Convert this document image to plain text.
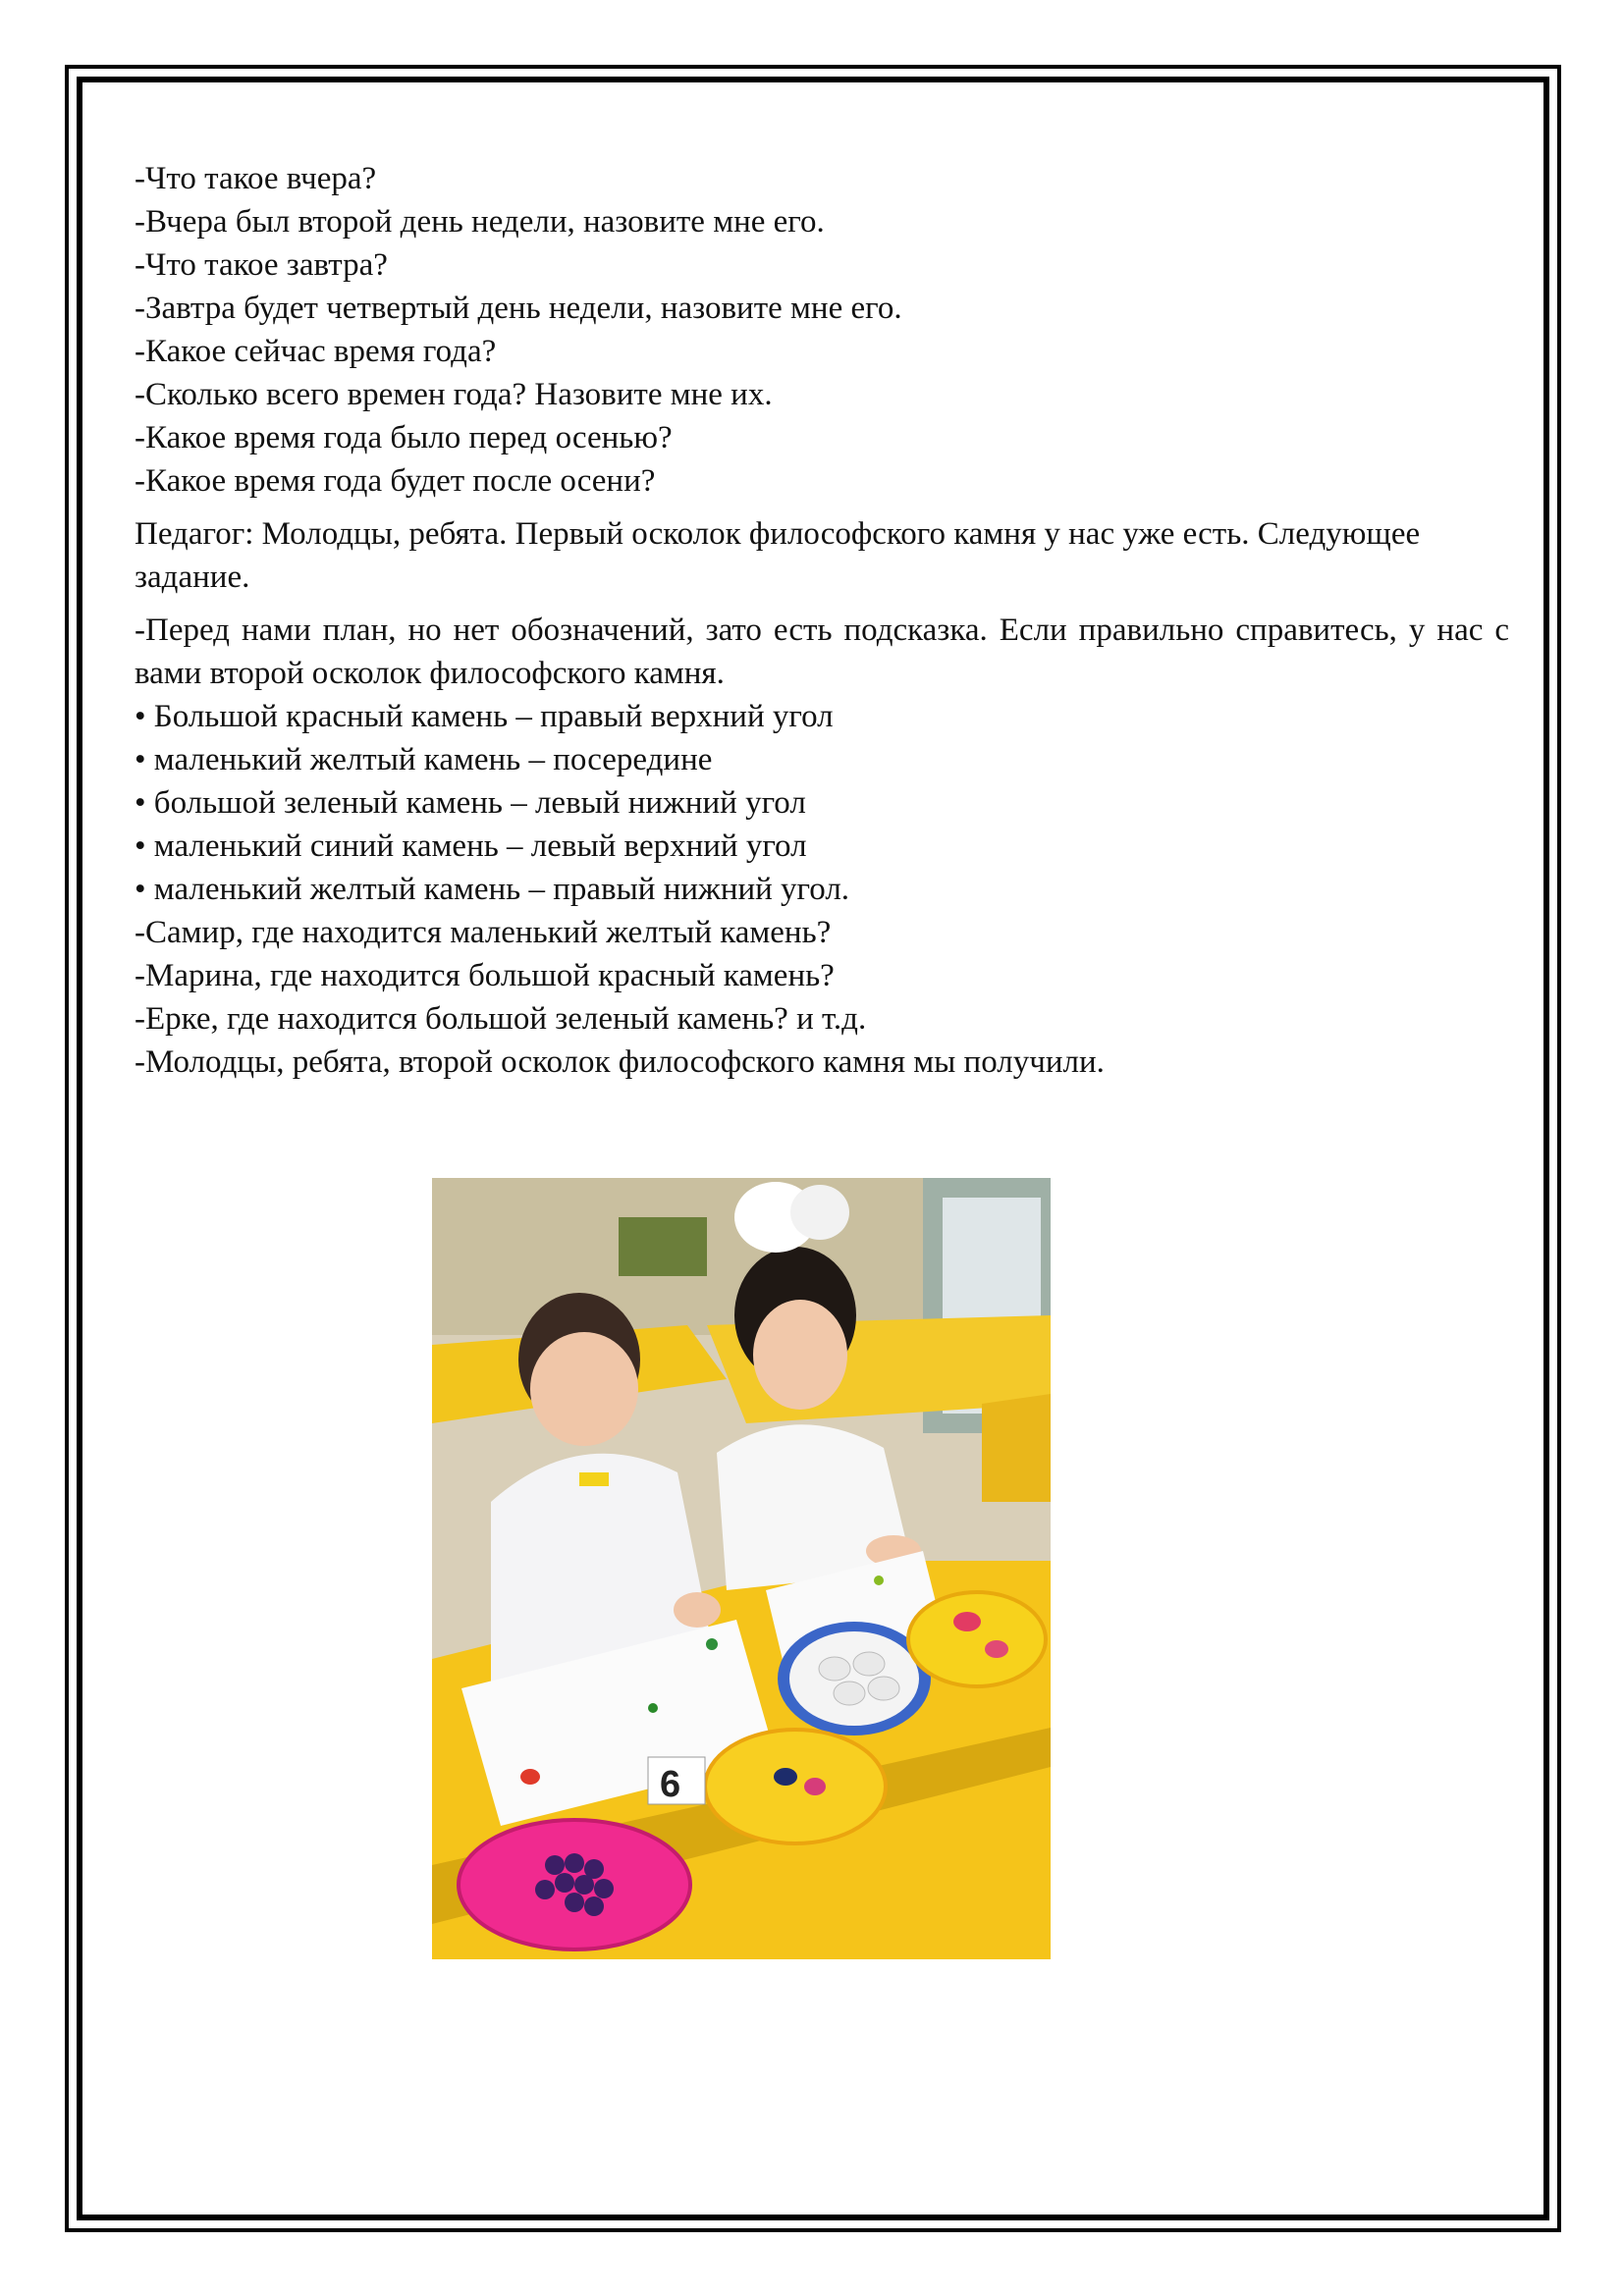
-Что такое вчера?
-Вчера был второй день недели, назовите мне его.
-Что такое завтра?
-Завтра будет четвертый день недели, назовите мне его.
-Какое сейчас время года?
-Сколько всего времен года? Назовите мне их.
-Какое время года было перед осенью?
-Какое время года будет после осени?

Педагог: Молодцы, ребята. Первый осколок философского камня у нас уже есть. Следующее задание.

-Перед нами план, но нет обозначений, зато есть подсказка. Если правильно справитесь, у нас с вами второй осколок философского камня.

• Большой красный камень – правый верхний угол
• маленький желтый камень – посередине
• большой зеленый камень – левый нижний угол
• маленький синий камень – левый верхний угол
• маленький желтый камень – правый нижний угол.
-Самир, где находится маленький желтый камень?
-Марина, где находится большой красный камень?
-Ерке, где находится большой зеленый камень? и т.д.
-Молодцы, ребята, второй осколок философского камня мы получили.
6
